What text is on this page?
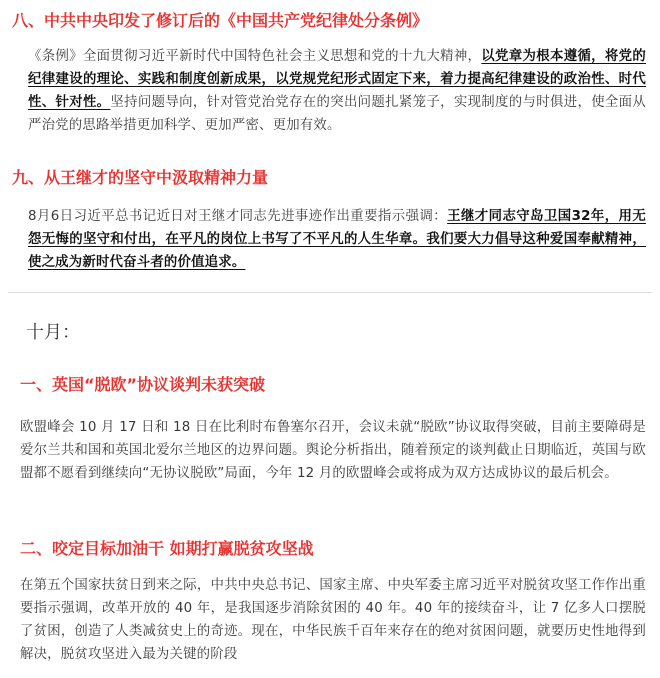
八、中共中央印发了修订后的《中国共产党纪律处分条例》
《条例》全面贯彻习近平新时代中国特色社会主义思想和党的十九大精神，以党章为根本遵循，将党的纪律建设的理论、实践和制度创新成果，以党规党纪形式固定下来，着力提高纪律建设的政治性、时代性、针对性。坚持问题导向，针对管党治党存在的突出问题扎紧笼子，实现制度的与时俱进，使全面从严治党的思路举措更加科学、更加严密、更加有效。
九、从王继才的坚守中汲取精神力量
8月6日习近平总书记近日对王继才同志先进事迹作出重要指示强调：王继才同志守岛卫国32年，用无怨无悔的坚守和付出，在平凡的岗位上书写了不平凡的人生华章。我们要大力倡导这种爱国奉献精神，使之成为新时代奋斗者的价值追求。
十月：
一、英国“脱欧”协议谈判未获突破
欧盟峰会 10 月 17 日和 18 日在比利时布鲁塞尔召开，会议未就“脱欧”协议取得突破，目前主要障碍是爱尔兰共和国和英国北爱尔兰地区的边界问题。舆论分析指出，随着预定的谈判截止日期临近，英国与欧盟都不愿看到继续向“无协议脱欧”局面，今年 12 月的欧盟峰会或将成为双方达成协议的最后机会。
二、咬定目标加油干 如期打赢脱贫攻坚战
在第五个国家扶贫日到来之际，中共中央总书记、国家主席、中央军委主席习近平对脱贫攻坚工作作出重要指示强调，改革开放的 40 年，是我国逐步消除贫困的 40 年。40 年的接续奋斗，让 7 亿多人口摆脱了贫困，创造了人类减贫史上的奇迹。现在，中华民族千百年来存在的绝对贫困问题，就要历史性地得到解决，脱贫攻坚进入最为关键的阶段
